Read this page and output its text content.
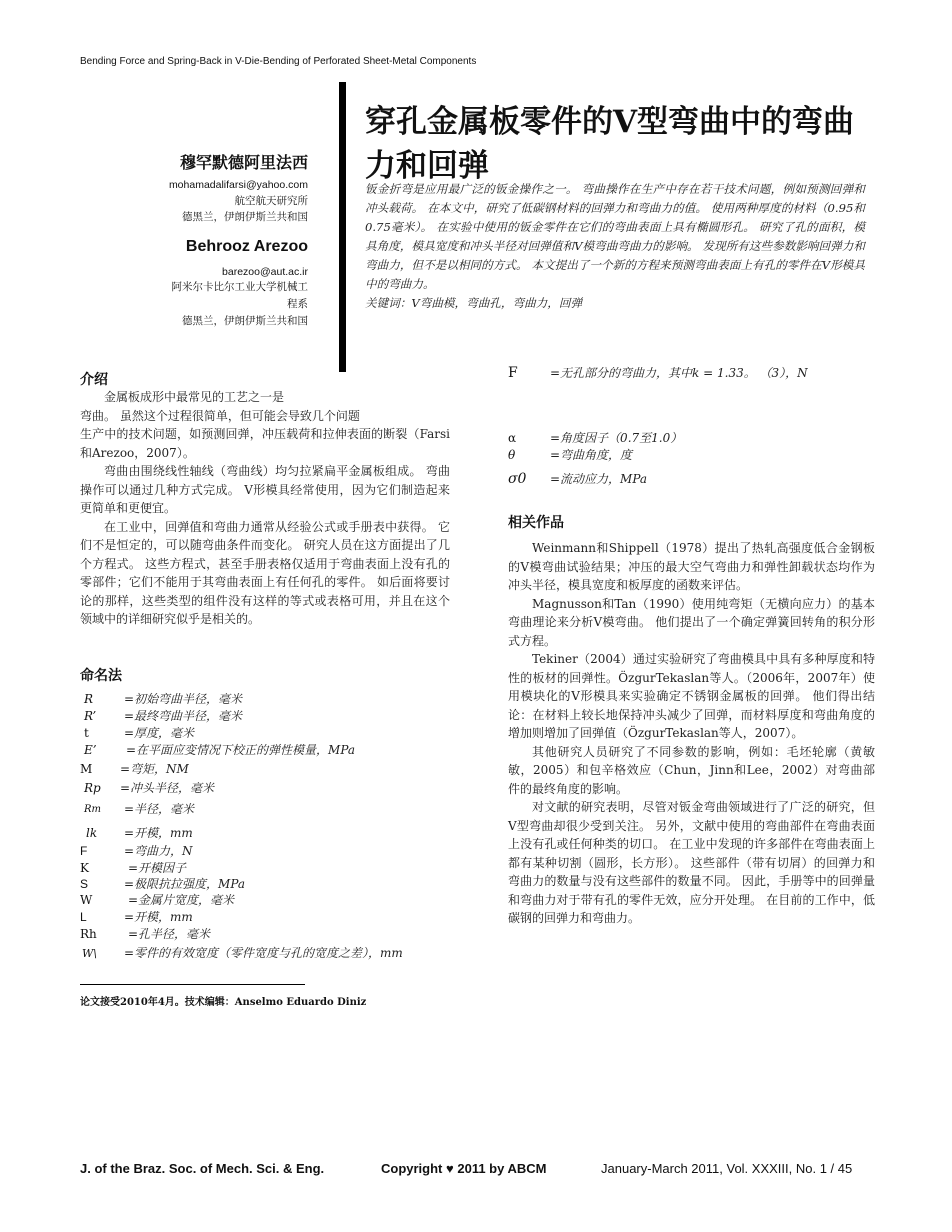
Bending Force and Spring-Back in V-Die-Bending of Perforated Sheet-Metal Components
穆罕默德阿里法西
mohamadalifarsi@yahoo.com
航空航天研究所
德黑兰，伊朗伊斯兰共和国
Behrooz Arezoo
barezoo@aut.ac.ir
阿米尔卡比尔工业大学机械工
程系
德黑兰，伊朗伊斯兰共和国
穿孔金属板零件的V型弯曲中的弯曲力和回弹
钣金折弯是应用最广泛的钣金操作之一。 弯曲操作在生产中存在若干技术问题，例如预测回弹和冲头载荷。 在本文中，研究了低碳钢材料的回弹力和弯曲力的值。 使用两种厚度的材料（0.95和0.75毫米）。 在实验中使用的钣金零件在它们的弯曲表面上具有椭圆形孔。 研究了孔的面积，模具角度，模具宽度和冲头半径对回弹值和V模弯曲弯曲力的影响。 发现所有这些参数影响回弹力和弯曲力，但不是以相同的方式。 本文提出了一个新的方程来预测弯曲表面上有孔的零件在V形模具中的弯曲力。
关键词：V弯曲模，弯曲孔，弯曲力，回弹
介绍

金属板成形中最常见的工艺之一是

弯曲。 虽然这个过程很简单，但可能会导致几个问题

生产中的技术问题，如预测回弹，冲压载荷和拉伸表面的断裂（Farsi和Arezoo，2007）。

弯曲由围绕线性轴线（弯曲线）均匀拉紧扁平金属板组成。 弯曲操作可以通过几种方式完成。 V形模具经常使用，因为它们制造起来更简单和更便宜。

在工业中，回弹值和弯曲力通常从经验公式或手册表中获得。 它们不是恒定的，可以随弯曲条件而变化。 研究人员在这方面提出了几个方程式。 这些方程式，甚至手册表格仅适用于弯曲表面上没有孔的零部件；它们不能用于其弯曲表面上有任何孔的零件。 如后面将要讨论的那样，这些类型的组件没有这样的等式或表格可用，并且在这个领域中的详细研究似乎是相关的。

命名法
R	=初始弯曲半径，毫米
R’ =最终弯曲半径，毫米
t	=厚度，毫米
E’ =在平面应变情况下校正的弹性模量，MPa
M =弯矩，NM
Rp =冲头半径，毫米
Rm =半径，毫米
lk =开模，mm
F	=弯曲力，N
K	=开模因子
S	=极限抗拉强度，MPa
W	=金属片宽度，毫米
L	=开模，mm
Rh	=孔半径，毫米
W\ =零件的有效宽度（零件宽度与孔的宽度之差），mm
论文接受2010年4月。技术编辑：Anselmo Eduardo Diniz
F	=无孔部分的弯曲力，其中k = 1.33。 （3），N
α	=角度因子（0.7至1.0）
θ	=弯曲角度，度
σ0 =流动应力，MPa
相关作品

Weinmann和Shippell（1978）提出了热轧高强度低合金钢板的V模弯曲试验结果；冲压的最大空气弯曲力和弹性卸载状态均作为冲头半径，模具宽度和板厚度的函数来评估。

Magnusson和Tan（1990）使用纯弯矩（无横向应力）的基本弯曲理论来分析V模弯曲。 他们提出了一个确定弹簧回转角的积分形式方程。

Tekiner（2004）通过实验研究了弯曲模具中具有多种厚度和特性的板材的回弹性。ÖzgurTekaslan等人。（2006年，2007年）使用模块化的V形模具来实验确定不锈钢金属板的回弹。 他们得出结论：在材料上较长地保持冲头减少了回弹，而材料厚度和弯曲角度的增加则增加了回弹值（ÖzgurTekaslan等人，2007）。

其他研究人员研究了不同参数的影响，例如：毛坯轮廓（黄敏敏，2005）和包辛格效应（Chun，Jinn和Lee，2002）对弯曲部件的最终角度的影响。

对文献的研究表明，尽管对钣金弯曲领域进行了广泛的研究，但V型弯曲却很少受到关注。 另外，文献中使用的弯曲部件在弯曲表面上没有孔或任何种类的切口。 在工业中发现的许多部件在弯曲表面上都有某种切割（圆形，长方形）。 这些部件（带有切屑）的回弹力和弯曲力的数量与没有这些部件的数量不同。 因此，手册等中的回弹量和弯曲力对于带有孔的零件无效，应分开处理。 在目前的工作中，低碳钢的回弹力和弯曲力。

J. of the Braz. Soc. of Mech. Sci. & Eng.	Copyright ♥ 2011 by ABCM	January-March 2011, Vol. XXXIII, No. 1 / 45
